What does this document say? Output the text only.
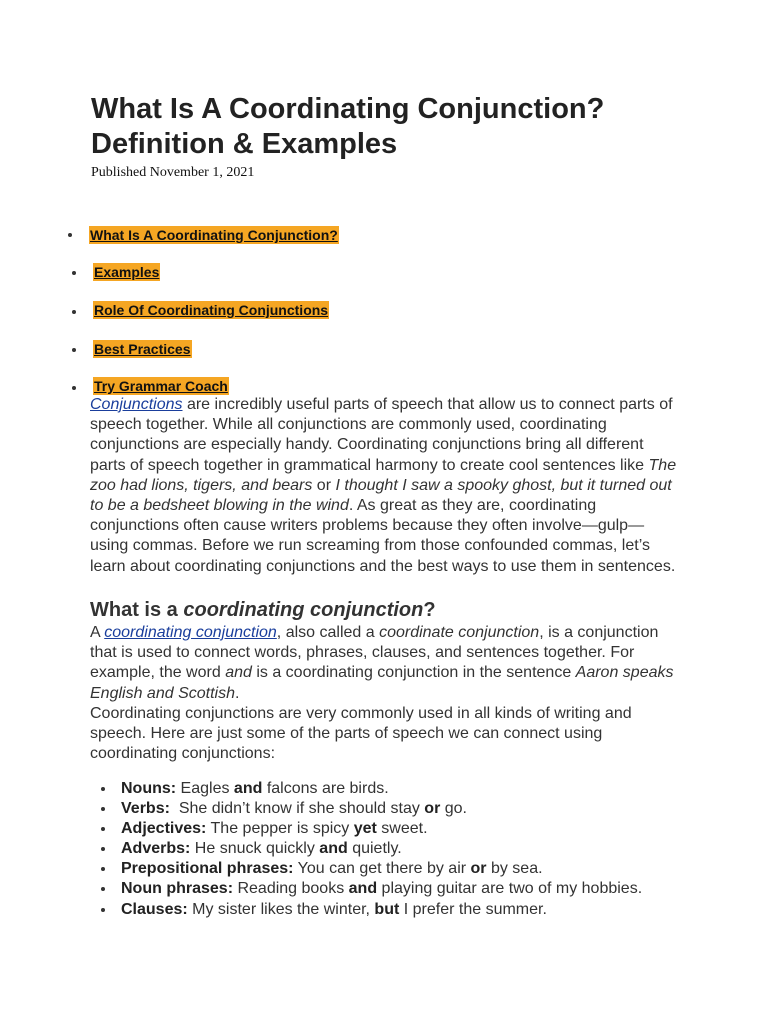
What Is A Coordinating Conjunction?
Definition & Examples

Published November 1, 2021

What Is A Coordinating Conjunction?
Examples
Role Of Coordinating Conjunctions
Best Practices
Try Grammar Coach

Conjunctions are incredibly useful parts of speech that allow us to connect parts of speech together. While all conjunctions are commonly used, coordinating conjunctions are especially handy. Coordinating conjunctions bring all different parts of speech together in grammatical harmony to create cool sentences like The zoo had lions, tigers, and bears or I thought I saw a spooky ghost, but it turned out to be a bedsheet blowing in the wind. As great as they are, coordinating conjunctions often cause writers problems because they often involve—gulp—using commas. Before we run screaming from those confounded commas, let’s learn about coordinating conjunctions and the best ways to use them in sentences.

What is a coordinating conjunction?

A coordinating conjunction, also called a coordinate conjunction, is a conjunction that is used to connect words, phrases, clauses, and sentences together. For example, the word and is a coordinating conjunction in the sentence Aaron speaks English and Scottish.

Coordinating conjunctions are very commonly used in all kinds of writing and speech. Here are just some of the parts of speech we can connect using coordinating conjunctions:

Nouns: Eagles and falcons are birds.
Verbs:  She didn’t know if she should stay or go.
Adjectives: The pepper is spicy yet sweet.
Adverbs: He snuck quickly and quietly.
Prepositional phrases: You can get there by air or by sea.
Noun phrases: Reading books and playing guitar are two of my hobbies.
Clauses: My sister likes the winter, but I prefer the summer.
